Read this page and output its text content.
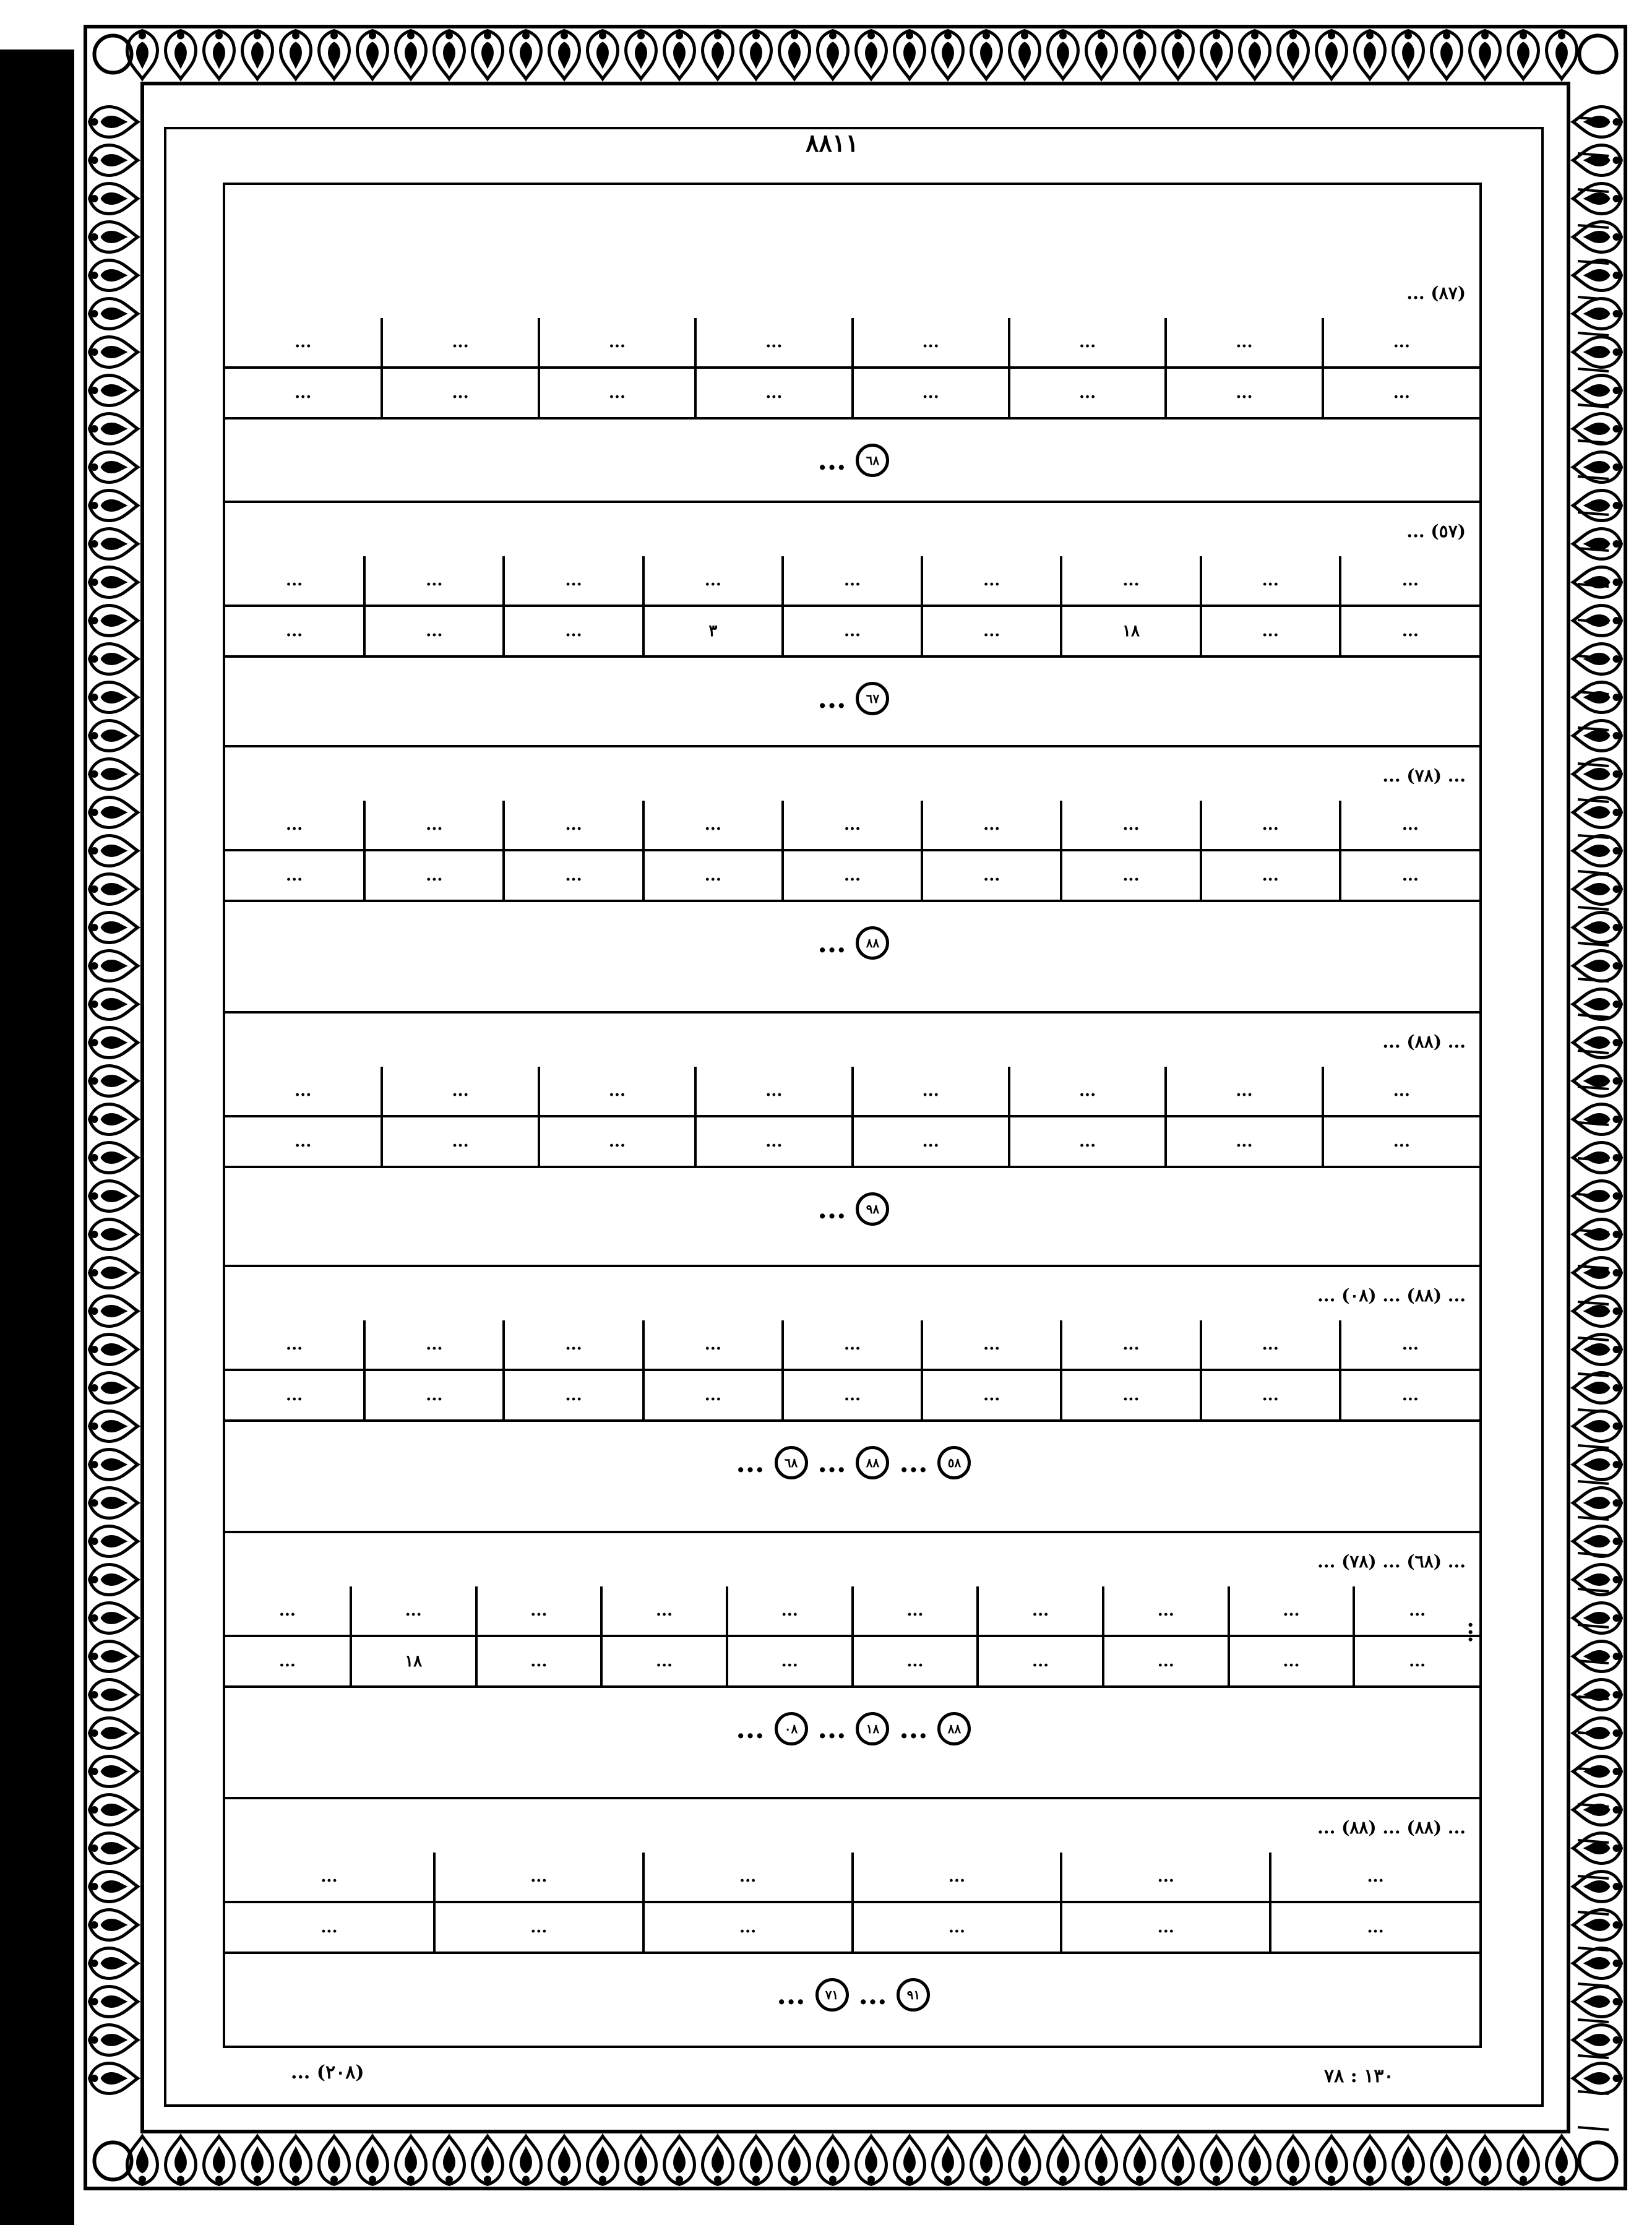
٨٨١١
(٨٧) ...
...	...	...	...	...	...	...	...
...	...	...	...	...	...	...	...
٦٨
...
(٥٧) ...
...	...	...	...	...	...	...	...	...
...	...	١٨	...	...	٣	...	...	...
٦٧
...
... (٧٨) ...
...	...	...	...	...	...	...	...	...
...	...	...	...	...	...	...	...	...
٨٨
...
... (٨٨) ...
...	...	...	...	...	...	...	...
...	...	...	...	...	...	...	...
٩٨
...
... (٨٨) ... (٠٨) ...
...	...	...	...	...	...	...	...	...
...	...	...	...	...	...	...	...	...
٥٨
...
٨٨
...
٦٨
...
... (٦٨) ... (٧٨) ...
...	...	...	...	...	...	...	...	...	...
...	...	...	...	...	...	...	...	١٨	...
٨٨
...
١٨
...
٠٨
...
... (٨٨) ... (٨٨) ...
...	...	...	...	...	...
...	...	...	...	...	...
٩١
...
٧١
...
...
١٣٠ : ٧٨
(٢٠٨) ...
